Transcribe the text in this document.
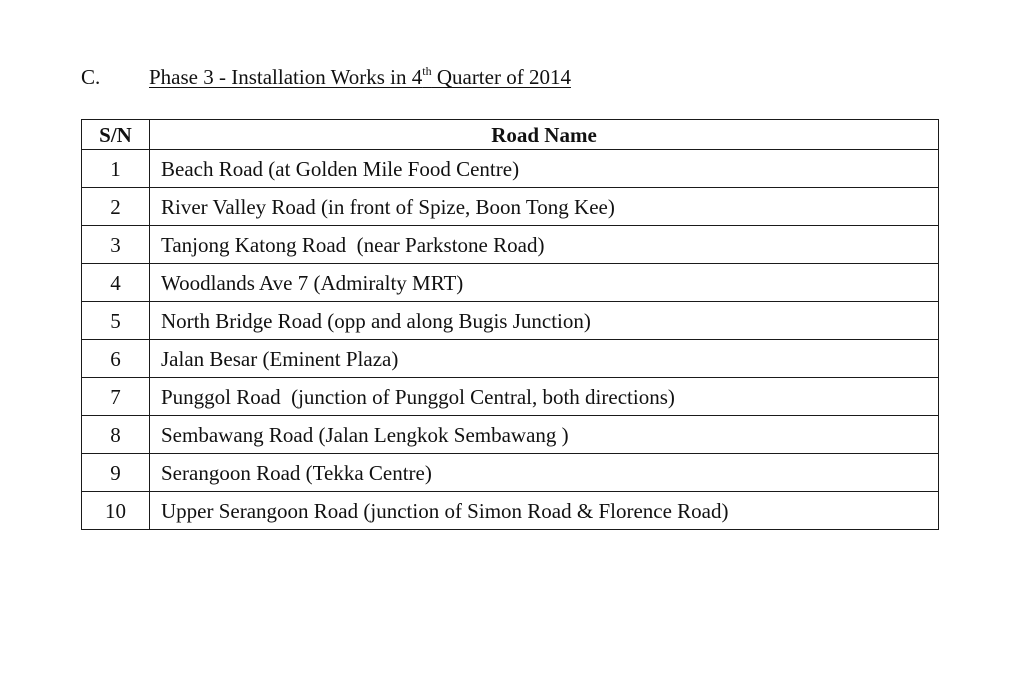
C. Phase 3 - Installation Works in 4th Quarter of 2014
S/N	Road Name
1	Beach Road (at Golden Mile Food Centre)
2	River Valley Road (in front of Spize, Boon Tong Kee)
3	Tanjong Katong Road  (near Parkstone Road)
4	Woodlands Ave 7 (Admiralty MRT)
5	North Bridge Road (opp and along Bugis Junction)
6	Jalan Besar (Eminent Plaza)
7	Punggol Road  (junction of Punggol Central, both directions)
8	Sembawang Road (Jalan Lengkok Sembawang )
9	Serangoon Road (Tekka Centre)
10	Upper Serangoon Road (junction of Simon Road & Florence Road)
